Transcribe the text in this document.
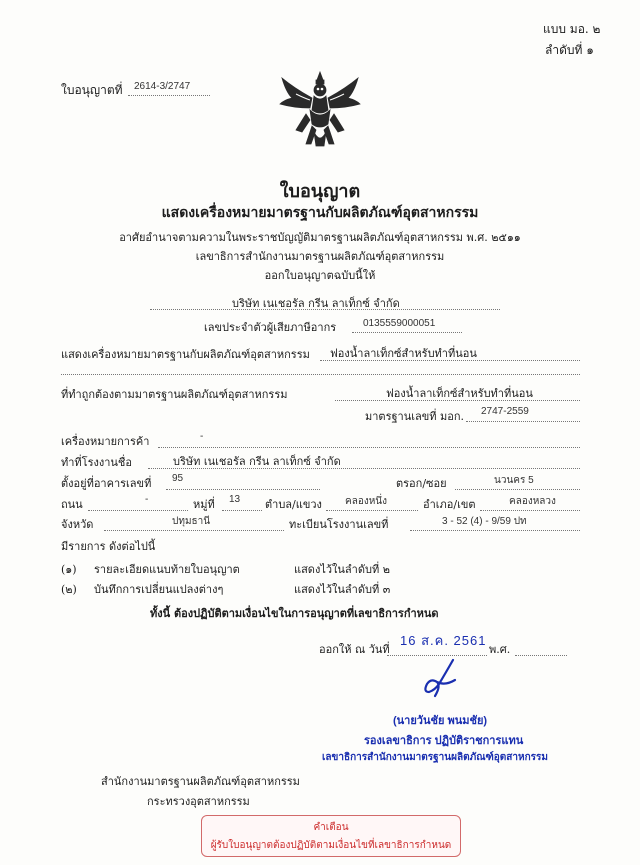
แบบ มอ. ๒
ลำดับที่ ๑
ใบอนุญาตที่ 2614-3/2747
ใบอนุญาต
แสดงเครื่องหมายมาตรฐานกับผลิตภัณฑ์อุตสาหกรรม
อาศัยอำนาจตามความในพระราชบัญญัติมาตรฐานผลิตภัณฑ์อุตสาหกรรม พ.ศ. ๒๕๑๑
เลขาธิการสำนักงานมาตรฐานผลิตภัณฑ์อุตสาหกรรม
ออกใบอนุญาตฉบับนี้ให้
บริษัท เนเชอรัล กรีน ลาเท็กซ์ จำกัด
เลขประจำตัวผู้เสียภาษีอากร	0135559000051
แสดงเครื่องหมายมาตรฐานกับผลิตภัณฑ์อุตสาหกรรม ฟองน้ำลาเท็กซ์สำหรับทำที่นอน
ที่ทำถูกต้องตามมาตรฐานผลิตภัณฑ์อุตสาหกรรม	ฟองน้ำลาเท็กซ์สำหรับทำที่นอน
มาตรฐานเลขที่ มอก. 2747-2559
เครื่องหมายการค้า	-
ทำที่โรงงานชื่อ	บริษัท เนเชอรัล กรีน ลาเท็กซ์ จำกัด
ตั้งอยู่ที่อาคารเลขที่ 95	ตรอก/ซอย	นวนคร 5
ถนน	-	หมู่ที่ 13 ตำบล/แขวง คลองหนึ่ง	อำเภอ/เขต	คลองหลวง
จังหวัด	ปทุมธานี	ทะเบียนโรงงานเลขที่	3 - 52 (4) - 9/59 ปท
มีรายการ ดังต่อไปนี้
(๑) รายละเอียดแนบท้ายใบอนุญาต	แสดงไว้ในลำดับที่ ๒
(๒) บันทึกการเปลี่ยนแปลงต่างๆ	แสดงไว้ในลำดับที่ ๓
ทั้งนี้ ต้องปฏิบัติตามเงื่อนไขในการอนุญาตที่เลขาธิการกำหนด
ออกให้ ณ วันที่
16 ส.ค. 2561
พ.ศ.
(นายวันชัย พนมชัย)
รองเลขาธิการ ปฏิบัติราชการแทน
เลขาธิการสำนักงานมาตรฐานผลิตภัณฑ์อุตสาหกรรม
สำนักงานมาตรฐานผลิตภัณฑ์อุตสาหกรรม
กระทรวงอุตสาหกรรม
คำเตือน
ผู้รับใบอนุญาตต้องปฏิบัติตามเงื่อนไขที่เลขาธิการกำหนด
